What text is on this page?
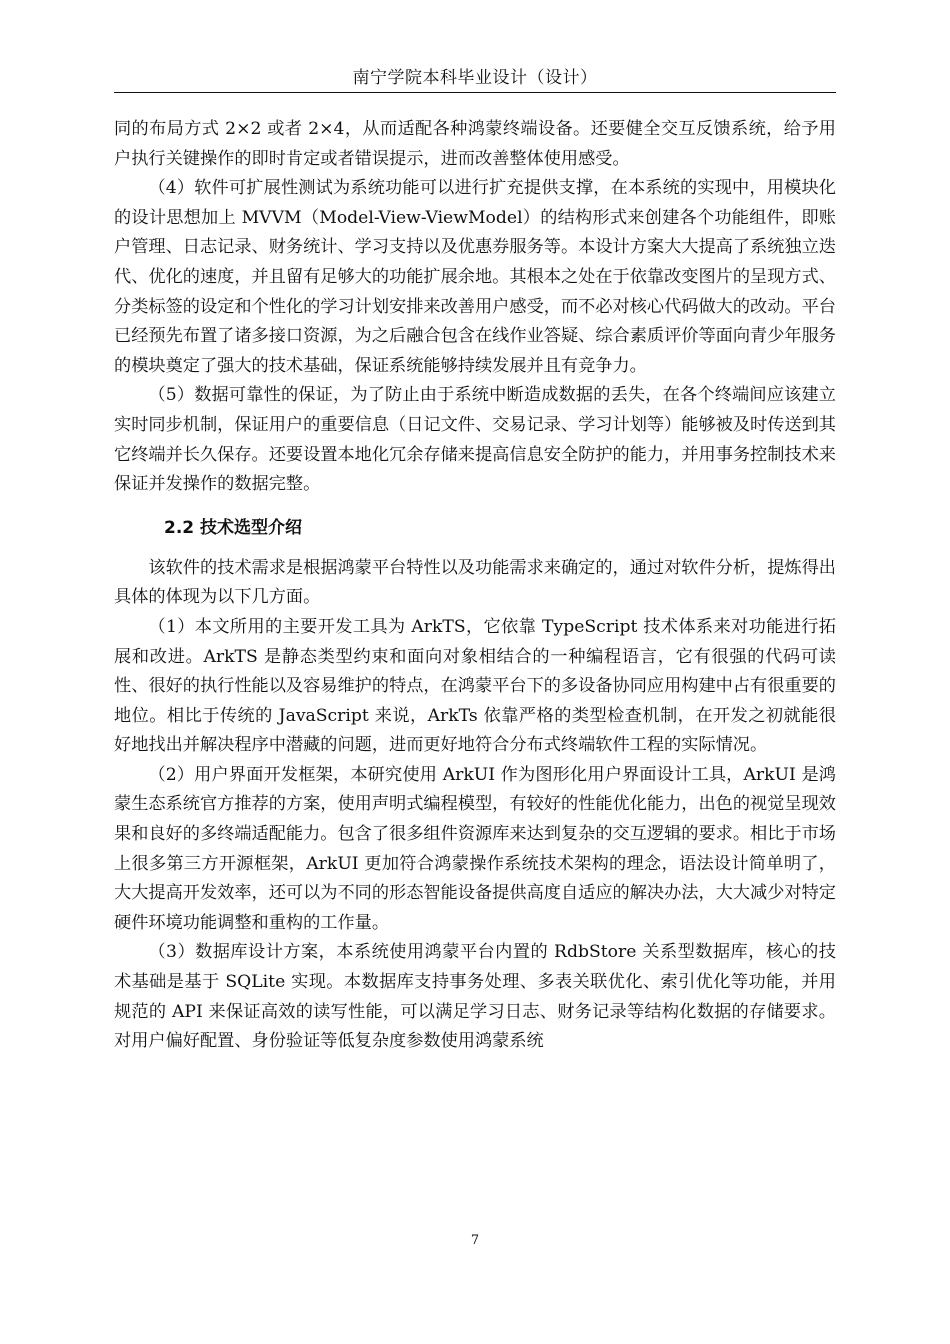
南宁学院本科毕业设计（设计）

同的布局方式 2×2 或者 2×4，从而适配各种鸿蒙终端设备。还要健全交互反馈系统，给予用户执行关键操作的即时肯定或者错误提示，进而改善整体使用感受。

（4）软件可扩展性测试为系统功能可以进行扩充提供支撑，在本系统的实现中，用模块化的设计思想加上 MVVM（Model-View-ViewModel）的结构形式来创建各个功能组件，即账户管理、日志记录、财务统计、学习支持以及优惠券服务等。本设计方案大大提高了系统独立迭代、优化的速度，并且留有足够大的功能扩展余地。其根本之处在于依靠改变图片的呈现方式、分类标签的设定和个性化的学习计划安排来改善用户感受，而不必对核心代码做大的改动。平台已经预先布置了诸多接口资源，为之后融合包含在线作业答疑、综合素质评价等面向青少年服务的模块奠定了强大的技术基础，保证系统能够持续发展并且有竞争力。

（5）数据可靠性的保证，为了防止由于系统中断造成数据的丢失，在各个终端间应该建立实时同步机制，保证用户的重要信息（日记文件、交易记录、学习计划等）能够被及时传送到其它终端并长久保存。还要设置本地化冗余存储来提高信息安全防护的能力，并用事务控制技术来保证并发操作的数据完整。

2.2 技术选型介绍

该软件的技术需求是根据鸿蒙平台特性以及功能需求来确定的，通过对软件分析，提炼得出具体的体现为以下几方面。

（1）本文所用的主要开发工具为 ArkTS，它依靠 TypeScript 技术体系来对功能进行拓展和改进。ArkTS 是静态类型约束和面向对象相结合的一种编程语言，它有很强的代码可读性、很好的执行性能以及容易维护的特点，在鸿蒙平台下的多设备协同应用构建中占有很重要的地位。相比于传统的 JavaScript 来说，ArkTs 依靠严格的类型检查机制，在开发之初就能很好地找出并解决程序中潜藏的问题，进而更好地符合分布式终端软件工程的实际情况。

（2）用户界面开发框架，本研究使用 ArkUI 作为图形化用户界面设计工具，ArkUI 是鸿蒙生态系统官方推荐的方案，使用声明式编程模型，有较好的性能优化能力，出色的视觉呈现效果和良好的多终端适配能力。包含了很多组件资源库来达到复杂的交互逻辑的要求。相比于市场上很多第三方开源框架，ArkUI 更加符合鸿蒙操作系统技术架构的理念，语法设计简单明了，大大提高开发效率，还可以为不同的形态智能设备提供高度自适应的解决办法，大大减少对特定硬件环境功能调整和重构的工作量。

（3）数据库设计方案，本系统使用鸿蒙平台内置的 RdbStore 关系型数据库，核心的技术基础是基于 SQLite 实现。本数据库支持事务处理、多表关联优化、索引优化等功能，并用规范的 API 来保证高效的读写性能，可以满足学习日志、财务记录等结构化数据的存储要求。对用户偏好配置、身份验证等低复杂度参数使用鸿蒙系统

7
